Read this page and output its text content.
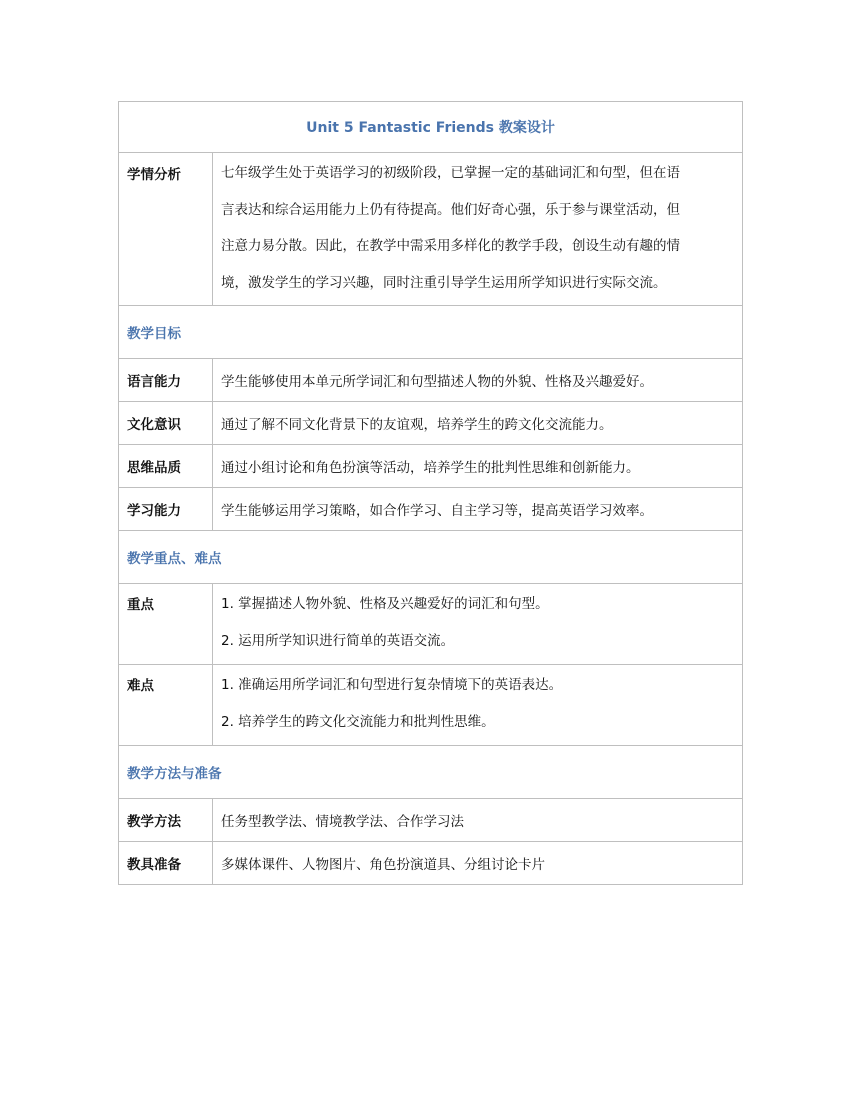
Unit 5 Fantastic Friends 教案设计	
学情分析	七年级学生处于英语学习的初级阶段，已掌握一定的基础词汇和句型，但在语
言表达和综合运用能力上仍有待提高。他们好奇心强，乐于参与课堂活动，但
注意力易分散。因此，在教学中需采用多样化的教学手段，创设生动有趣的情
境，激发学生的学习兴趣，同时注重引导学生运用所学知识进行实际交流。

教学目标	

语言能力	学生能够使用本单元所学词汇和句型描述人物的外貌、性格及兴趣爱好。

文化意识	通过了解不同文化背景下的友谊观，培养学生的跨文化交流能力。

思维品质	通过小组讨论和角色扮演等活动，培养学生的批判性思维和创新能力。

学习能力	学生能够运用学习策略，如合作学习、自主学习等，提高英语学习效率。

教学重点、难点	

重点	1. 掌握描述人物外貌、性格及兴趣爱好的词汇和句型。
2. 运用所学知识进行简单的英语交流。

难点	1. 准确运用所学词汇和句型进行复杂情境下的英语表达。
2. 培养学生的跨文化交流能力和批判性思维。

教学方法与准备	

教学方法	任务型教学法、情境教学法、合作学习法

教具准备	多媒体课件、人物图片、角色扮演道具、分组讨论卡片
